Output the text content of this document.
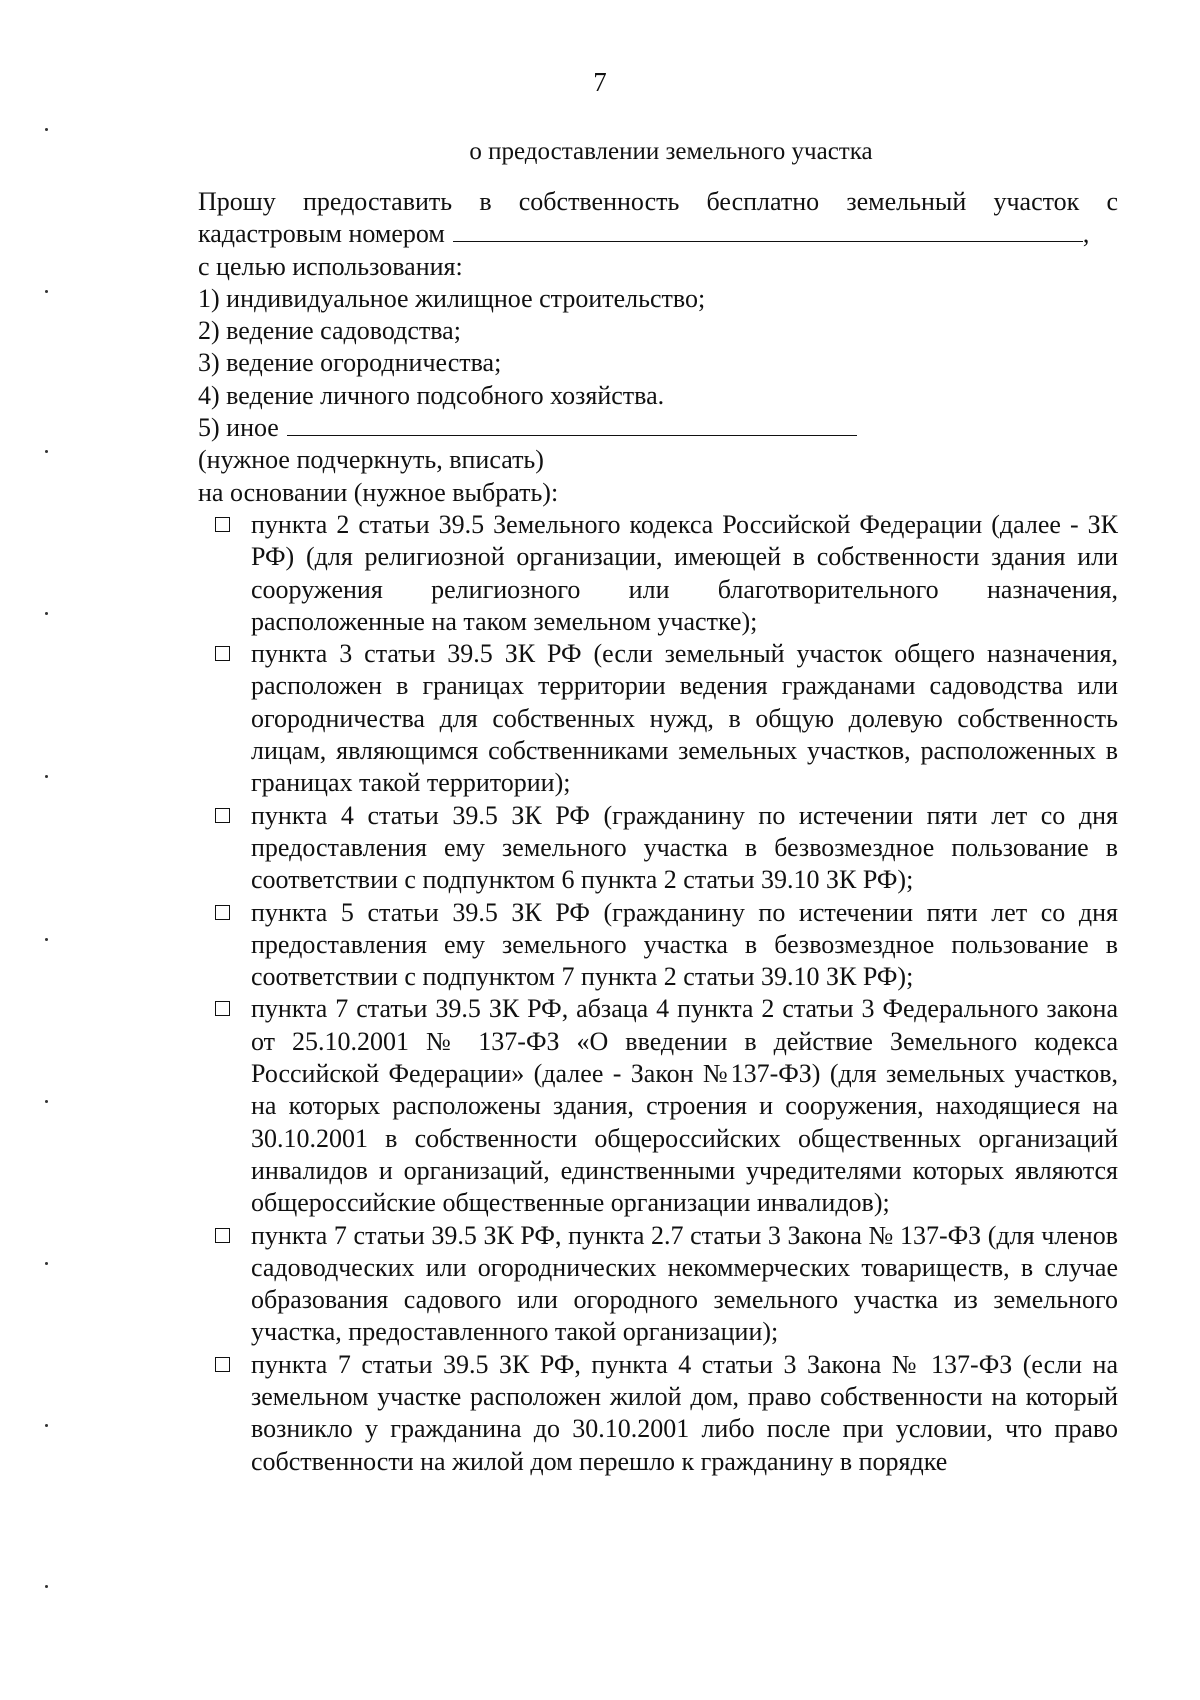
7
о предоставлении земельного участка
Прошу предоставить в собственность бесплатно земельный участок с
кадастровым номером	,
с целью использования:
1) индивидуальное жилищное строительство;
2) ведение садоводства;
3) ведение огородничества;
4) ведение личного подсобного хозяйства.
5) иное
(нужное подчеркнуть, вписать)
на основании (нужное выбрать):
пункта 2 статьи 39.5 Земельного кодекса Российской Федерации (далее - ЗК РФ) (для религиозной организации, имеющей в собственности здания или сооружения религиозного или благотворительного назначения, расположенные на таком земельном участке);
пункта 3 статьи 39.5 ЗК РФ (если земельный участок общего назначения, расположен в границах территории ведения гражданами садоводства или огородничества для собственных нужд, в общую долевую собственность лицам, являющимся собственниками земельных участков, расположенных в границах такой территории);
пункта 4 статьи 39.5 ЗК РФ (гражданину по истечении пяти лет со дня предоставления ему земельного участка в безвозмездное пользование в соответствии с подпунктом 6 пункта 2 статьи 39.10 ЗК РФ);
пункта 5 статьи 39.5 ЗК РФ (гражданину по истечении пяти лет со дня предоставления ему земельного участка в безвозмездное пользование в соответствии с подпунктом 7 пункта 2 статьи 39.10 ЗК РФ);
пункта 7 статьи 39.5 ЗК РФ, абзаца 4 пункта 2 статьи 3 Федерального закона от 25.10.2001 № 137-ФЗ «О введении в действие Земельного кодекса Российской Федерации» (далее - Закон №137-ФЗ) (для земельных участков, на которых расположены здания, строения и сооружения, находящиеся на 30.10.2001 в собственности общероссийских общественных организаций инвалидов и организаций, единственными учредителями которых являются общероссийские общественные организации инвалидов);
пункта 7 статьи 39.5 ЗК РФ, пункта 2.7 статьи 3 Закона № 137-ФЗ (для членов садоводческих или огороднических некоммерческих товариществ, в случае образования садового или огородного земельного участка из земельного участка, предоставленного такой организации);
пункта 7 статьи 39.5 ЗК РФ, пункта 4 статьи 3 Закона № 137-ФЗ (если на земельном участке расположен жилой дом, право собственности на который возникло у гражданина до 30.10.2001 либо после при условии, что право собственности на жилой дом перешло к гражданину в порядке
